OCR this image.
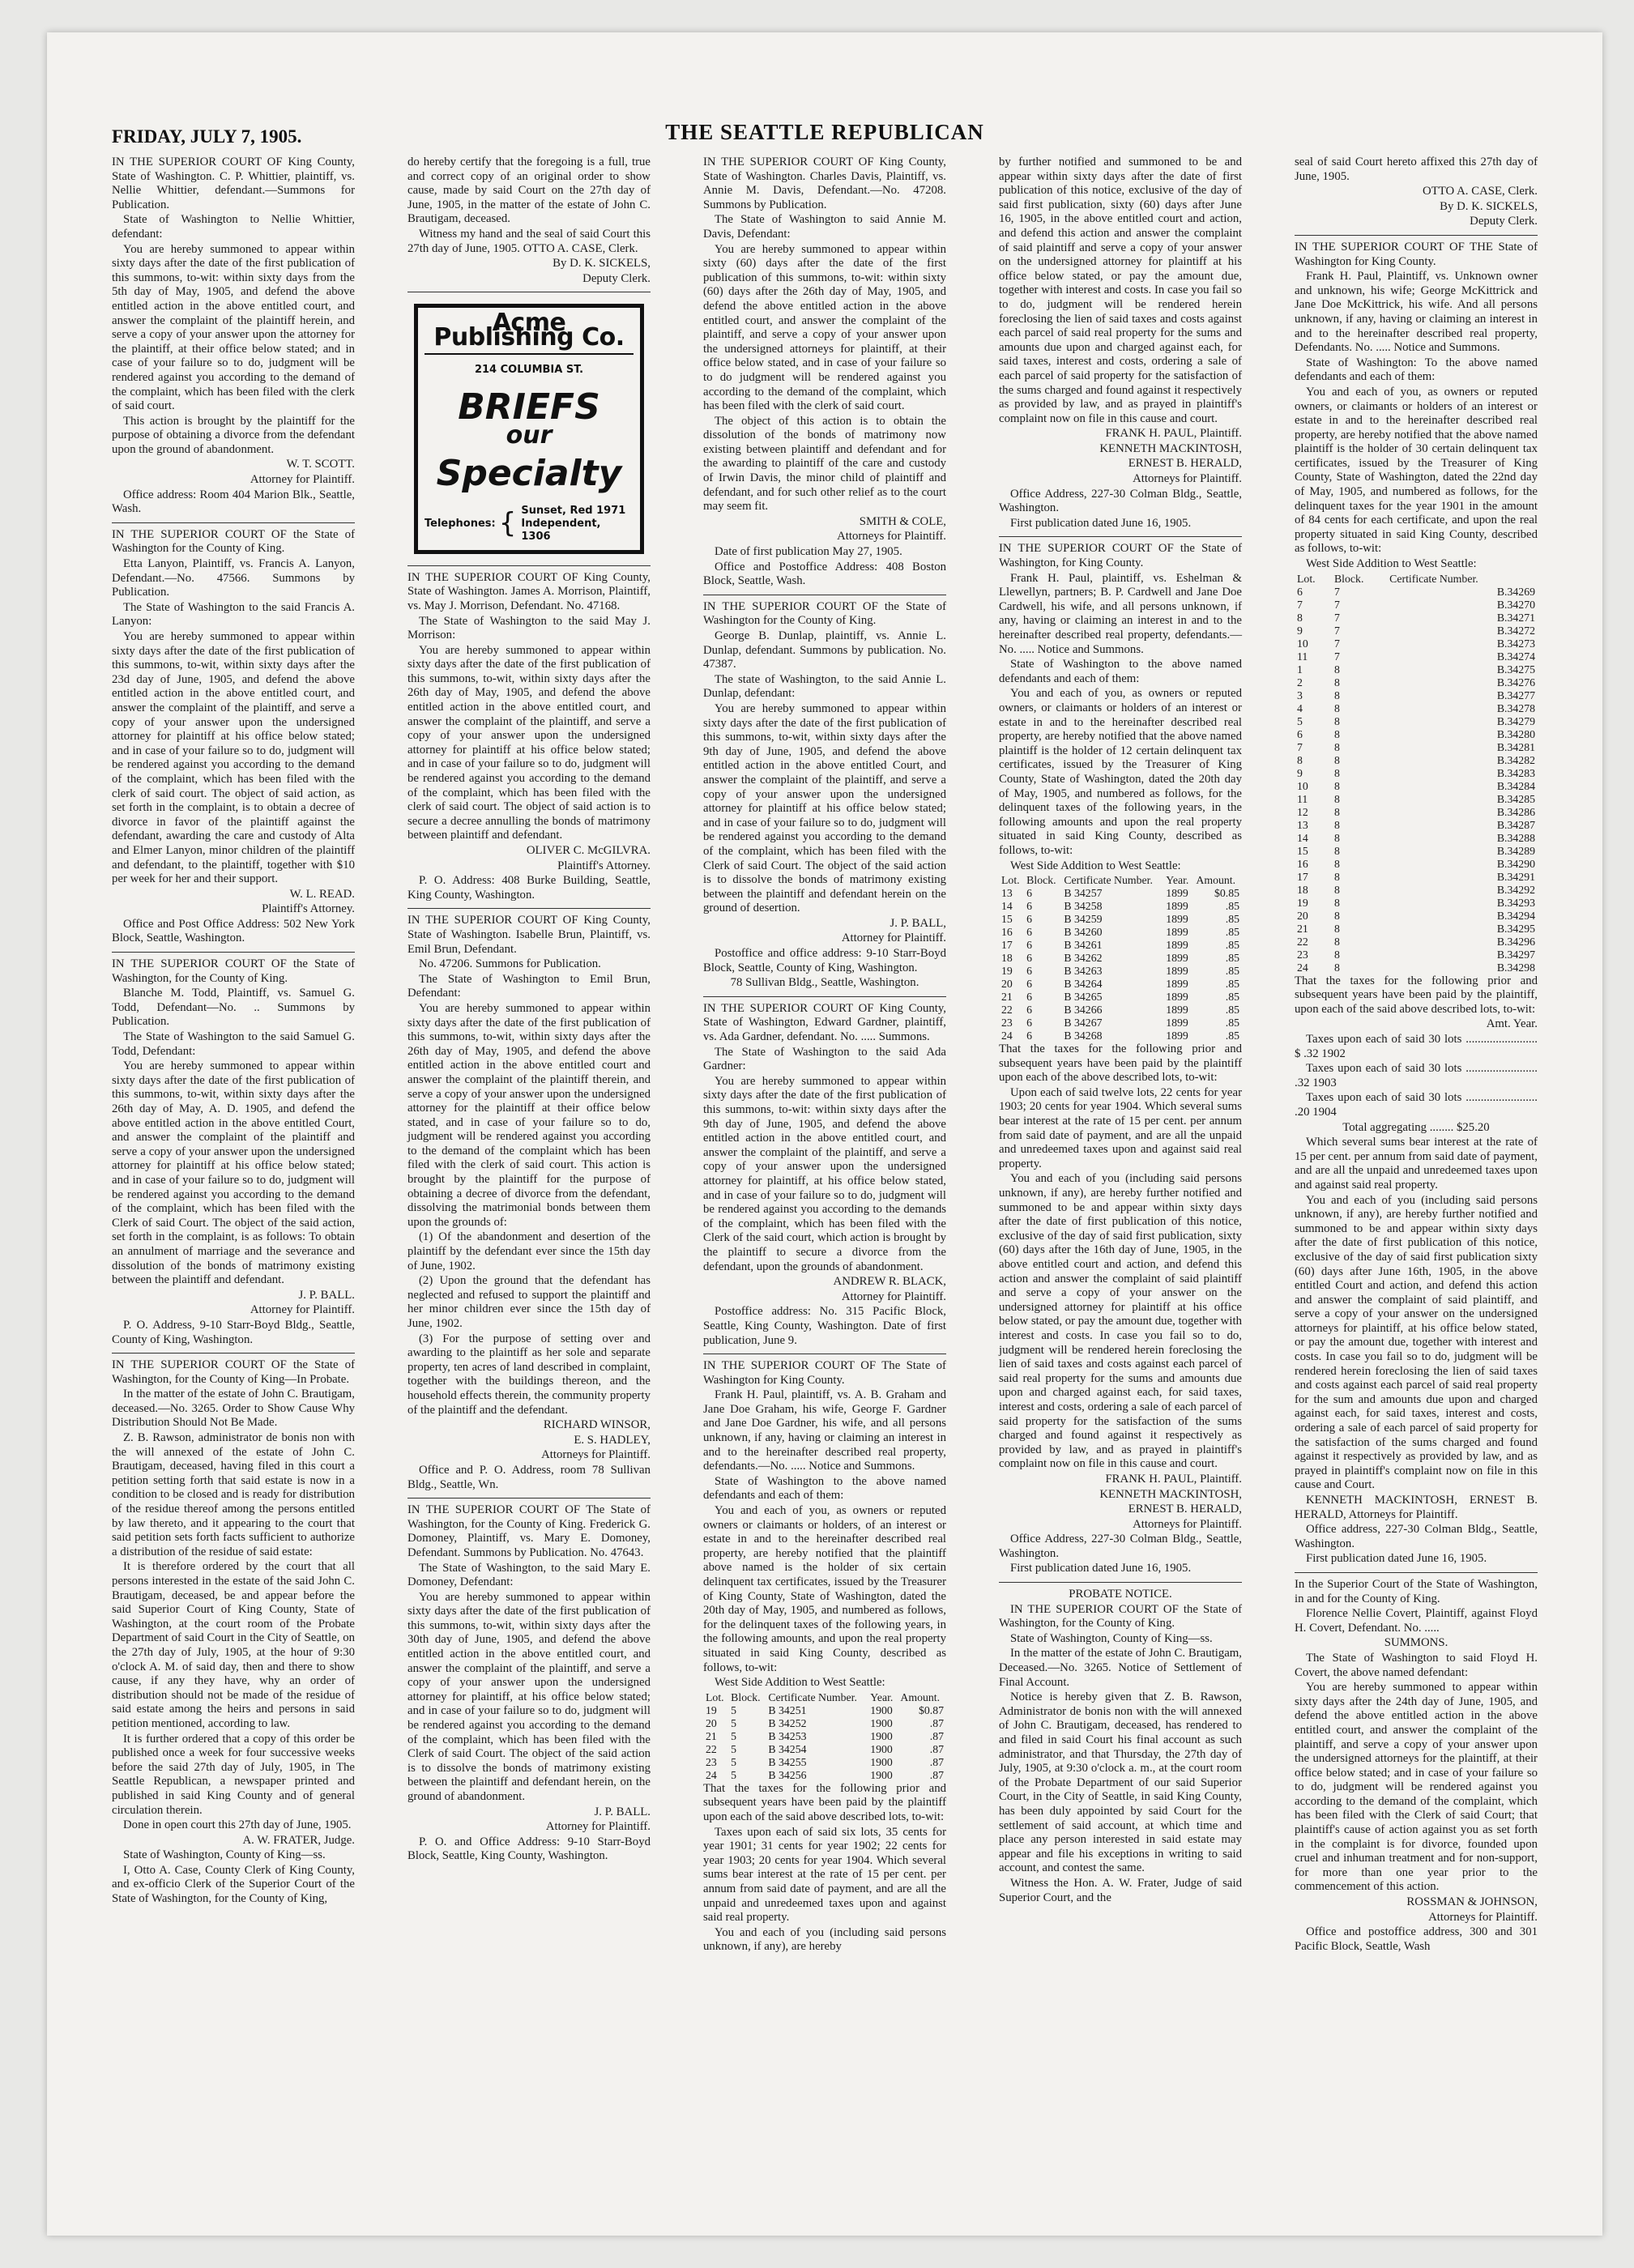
FRIDAY, JULY 7, 1905.	THE SEATTLE REPUBLICAN

IN THE SUPERIOR COURT OF King County, State of Washington. C. P. Whittier, plaintiff, vs. Nellie Whittier, defendant.—Summons for Publication.

State of Washington to Nellie Whittier, defendant:

You are hereby summoned to appear within sixty days after the date of the first publication of this summons, to-wit: within sixty days from the 5th day of May, 1905, and defend the above entitled action in the above entitled court, and answer the complaint of the plaintiff herein, and serve a copy of your answer upon the attorney for the plaintiff, at their office below stated; and in case of your failure so to do, judgment will be rendered against you according to the demand of the complaint, which has been filed with the clerk of said court.

This action is brought by the plaintiff for the purpose of obtaining a divorce from the defendant upon the ground of abandonment.

W. T. SCOTT.

Attorney for Plaintiff.

Office address: Room 404 Marion Blk., Seattle, Wash.

IN THE SUPERIOR COURT OF the State of Washington for the County of King.

Etta Lanyon, Plaintiff, vs. Francis A. Lanyon, Defendant.—No. 47566. Summons by Publication.

The State of Washington to the said Francis A. Lanyon:

You are hereby summoned to appear within sixty days after the date of the first publication of this summons, to-wit, within sixty days after the 23d day of June, 1905, and defend the above entitled action in the above entitled court, and answer the complaint of the plaintiff, and serve a copy of your answer upon the undersigned attorney for plaintiff at his office below stated; and in case of your failure so to do, judgment will be rendered against you according to the demand of the complaint, which has been filed with the clerk of said court. The object of said action, as set forth in the complaint, is to obtain a decree of divorce in favor of the plaintiff against the defendant, awarding the care and custody of Alta and Elmer Lanyon, minor children of the plaintiff and defendant, to the plaintiff, together with $10 per week for her and their support.

W. L. READ.

Plaintiff's Attorney.

Office and Post Office Address: 502 New York Block, Seattle, Washington.

IN THE SUPERIOR COURT OF the State of Washington, for the County of King.

Blanche M. Todd, Plaintiff, vs. Samuel G. Todd, Defendant—No. .. Summons by Publication.

The State of Washington to the said Samuel G. Todd, Defendant:

You are hereby summoned to appear within sixty days after the date of the first publication of this summons, to-wit, within sixty days after the 26th day of May, A. D. 1905, and defend the above entitled action in the above entitled Court, and answer the complaint of the plaintiff and serve a copy of your answer upon the undersigned attorney for plaintiff at his office below stated; and in case of your failure so to do, judgment will be rendered against you according to the demand of the complaint, which has been filed with the Clerk of said Court. The object of the said action, set forth in the complaint, is as follows: To obtain an annulment of marriage and the severance and dissolution of the bonds of matrimony existing between the plaintiff and defendant.

J. P. BALL.

Attorney for Plaintiff.

P. O. Address, 9-10 Starr-Boyd Bldg., Seattle, County of King, Washington.

IN THE SUPERIOR COURT OF the State of Washington, for the County of King—In Probate.

In the matter of the estate of John C. Brautigam, deceased.—No. 3265. Order to Show Cause Why Distribution Should Not Be Made.

Z. B. Rawson, administrator de bonis non with the will annexed of the estate of John C. Brautigam, deceased, having filed in this court a petition setting forth that said estate is now in a condition to be closed and is ready for distribution of the residue thereof among the persons entitled by law thereto, and it appearing to the court that said petition sets forth facts sufficient to authorize a distribution of the residue of said estate:

It is therefore ordered by the court that all persons interested in the estate of the said John C. Brautigam, deceased, be and appear before the said Superior Court of King County, State of Washington, at the court room of the Probate Department of said Court in the City of Seattle, on the 27th day of July, 1905, at the hour of 9:30 o'clock A. M. of said day, then and there to show cause, if any they have, why an order of distribution should not be made of the residue of said estate among the heirs and persons in said petition mentioned, according to law.

It is further ordered that a copy of this order be published once a week for four successive weeks before the said 27th day of July, 1905, in The Seattle Republican, a newspaper printed and published in said King County and of general circulation therein.

Done in open court this 27th day of June, 1905.

A. W. FRATER, Judge.

State of Washington, County of King—ss.

I, Otto A. Case, County Clerk of King County, and ex-officio Clerk of the Superior Court of the State of Washington, for the County of King,

do hereby certify that the foregoing is a full, true and correct copy of an original order to show cause, made by said Court on the 27th day of June, 1905, in the matter of the estate of John C. Brautigam, deceased.

Witness my hand and the seal of said Court this 27th day of June, 1905. OTTO A. CASE, Clerk.

By D. K. SICKELS,

Deputy Clerk.

Acme Publishing Co.
214 COLUMBIA ST.
BRIEFS
our
Specialty
Telephones: { Sunset, Red 1971
Independent, 1306

IN THE SUPERIOR COURT OF King County, State of Washington. James A. Morrison, Plaintiff, vs. May J. Morrison, Defendant. No. 47168.

The State of Washington to the said May J. Morrison:

You are hereby summoned to appear within sixty days after the date of the first publication of this summons, to-wit, within sixty days after the 26th day of May, 1905, and defend the above entitled action in the above entitled court, and answer the complaint of the plaintiff, and serve a copy of your answer upon the undersigned attorney for plaintiff at his office below stated; and in case of your failure so to do, judgment will be rendered against you according to the demand of the complaint, which has been filed with the clerk of said court. The object of said action is to secure a decree annulling the bonds of matrimony between plaintiff and defendant.

OLIVER C. McGILVRA.

Plaintiff's Attorney.

P. O. Address: 408 Burke Building, Seattle, King County, Washington.

IN THE SUPERIOR COURT OF King County, State of Washington. Isabelle Brun, Plaintiff, vs. Emil Brun, Defendant.

No. 47206. Summons for Publication.

The State of Washington to Emil Brun, Defendant:

You are hereby summoned to appear within sixty days after the date of the first publication of this summons, to-wit, within sixty days after the 26th day of May, 1905, and defend the above entitled action in the above entitled court and answer the complaint of the plaintiff therein, and serve a copy of your answer upon the undersigned attorney for the plaintiff at their office below stated, and in case of your failure so to do, judgment will be rendered against you according to the demand of the complaint which has been filed with the clerk of said court. This action is brought by the plaintiff for the purpose of obtaining a decree of divorce from the defendant, dissolving the matrimonial bonds between them upon the grounds of:

(1) Of the abandonment and desertion of the plaintiff by the defendant ever since the 15th day of June, 1902.

(2) Upon the ground that the defendant has neglected and refused to support the plaintiff and her minor children ever since the 15th day of June, 1902.

(3) For the purpose of setting over and awarding to the plaintiff as her sole and separate property, ten acres of land described in complaint, together with the buildings thereon, and the household effects therein, the community property of the plaintiff and the defendant.

RICHARD WINSOR,

E. S. HADLEY,

Attorneys for Plaintiff.

Office and P. O. Address, room 78 Sullivan Bldg., Seattle, Wn.

IN THE SUPERIOR COURT OF The State of Washington, for the County of King. Frederick G. Domoney, Plaintiff, vs. Mary E. Domoney, Defendant. Summons by Publication. No. 47643.

The State of Washington, to the said Mary E. Domoney, Defendant:

You are hereby summoned to appear within sixty days after the date of the first publication of this summons, to-wit, within sixty days after the 30th day of June, 1905, and defend the above entitled action in the above entitled court, and answer the complaint of the plaintiff, and serve a copy of your answer upon the undersigned attorney for plaintiff, at his office below stated; and in case of your failure so to do, judgment will be rendered against you according to the demand of the complaint, which has been filed with the Clerk of said Court. The object of the said action is to dissolve the bonds of matrimony existing between the plaintiff and defendant herein, on the ground of abandonment.

J. P. BALL.

Attorney for Plaintiff.

P. O. and Office Address: 9-10 Starr-Boyd Block, Seattle, King County, Washington.

IN THE SUPERIOR COURT OF King County, State of Washington. Charles Davis, Plaintiff, vs. Annie M. Davis, Defendant.—No. 47208. Summons by Publication.

The State of Washington to said Annie M. Davis, Defendant:

You are hereby summoned to appear within sixty (60) days after the date of the first publication of this summons, to-wit: within sixty (60) days after the 26th day of May, 1905, and defend the above entitled action in the above entitled court, and answer the complaint of the plaintiff, and serve a copy of your answer upon the undersigned attorneys for plaintiff, at their office below stated, and in case of your failure so to do judgment will be rendered against you according to the demand of the complaint, which has been filed with the clerk of said court.

The object of this action is to obtain the dissolution of the bonds of matrimony now existing between plaintiff and defendant and for the awarding to plaintiff of the care and custody of Irwin Davis, the minor child of plaintiff and defendant, and for such other relief as to the court may seem fit.

SMITH & COLE,

Attorneys for Plaintiff.

Date of first publication May 27, 1905.

Office and Postoffice Address: 408 Boston Block, Seattle, Wash.

IN THE SUPERIOR COURT OF the State of Washington for the County of King.

George B. Dunlap, plaintiff, vs. Annie L. Dunlap, defendant. Summons by publication. No. 47387.

The state of Washington, to the said Annie L. Dunlap, defendant:

You are hereby summoned to appear within sixty days after the date of the first publication of this summons, to-wit, within sixty days after the 9th day of June, 1905, and defend the above entitled action in the above entitled Court, and answer the complaint of the plaintiff, and serve a copy of your answer upon the undersigned attorney for plaintiff at his office below stated; and in case of your failure so to do, judgment will be rendered against you according to the demand of the complaint, which has been filed with the Clerk of said Court. The object of the said action is to dissolve the bonds of matrimony existing between the plaintiff and defendant herein on the ground of desertion.

J. P. BALL,

Attorney for Plaintiff.

Postoffice and office address: 9-10 Starr-Boyd Block, Seattle, County of King, Washington.

78 Sullivan Bldg., Seattle, Washington.

IN THE SUPERIOR COURT OF King County, State of Washington, Edward Gardner, plaintiff, vs. Ada Gardner, defendant. No. ..... Summons.

The State of Washington to the said Ada Gardner:

You are hereby summoned to appear within sixty days after the date of the first publication of this summons, to-wit: within sixty days after the 9th day of June, 1905, and defend the above entitled action in the above entitled court, and answer the complaint of the plaintiff, and serve a copy of your answer upon the undersigned attorney for plaintiff, at his office below stated, and in case of your failure so to do, judgment will be rendered against you according to the demands of the complaint, which has been filed with the Clerk of the said court, which action is brought by the plaintiff to secure a divorce from the defendant, upon the grounds of abandonment.

ANDREW R. BLACK,

Attorney for Plaintiff.

Postoffice address: No. 315 Pacific Block, Seattle, King County, Washington. Date of first publication, June 9.

IN THE SUPERIOR COURT OF The State of Washington for King County.

Frank H. Paul, plaintiff, vs. A. B. Graham and Jane Doe Graham, his wife, George F. Gardner and Jane Doe Gardner, his wife, and all persons unknown, if any, having or claiming an interest in and to the hereinafter described real property, defendants.—No. ..... Notice and Summons.

State of Washington to the above named defendants and each of them:

You and each of you, as owners or reputed owners or claimants or holders, of an interest or estate in and to the hereinafter described real property, are hereby notified that the plaintiff above named is the holder of six certain delinquent tax certificates, issued by the Treasurer of King County, State of Washington, dated the 20th day of May, 1905, and numbered as follows, for the delinquent taxes of the following years, in the following amounts, and upon the real property situated in said King County, described as follows, to-wit:

West Side Addition to West Seattle:

Lot.	Block.	Certificate Number.	Year.	Amount.
19	5	B 34251	1900	$0.87
20	5	B 34252	1900	.87
21	5	B 34253	1900	.87
22	5	B 34254	1900	.87
23	5	B 34255	1900	.87
24	5	B 34256	1900	.87

That the taxes for the following prior and subsequent years have been paid by the plaintiff upon each of the said above described lots, to-wit:

Taxes upon each of said six lots, 35 cents for year 1901; 31 cents for year 1902; 22 cents for year 1903; 20 cents for year 1904. Which several sums bear interest at the rate of 15 per cent. per annum from said date of payment, and are all the unpaid and unredeemed taxes upon and against said real property.

You and each of you (including said persons unknown, if any), are hereby

by further notified and summoned to be and appear within sixty days after the date of first publication of this notice, exclusive of the day of said first publication, sixty (60) days after June 16, 1905, in the above entitled court and action, and defend this action and answer the complaint of said plaintiff and serve a copy of your answer on the undersigned attorney for plaintiff at his office below stated, or pay the amount due, together with interest and costs. In case you fail so to do, judgment will be rendered herein foreclosing the lien of said taxes and costs against each parcel of said real property for the sums and amounts due upon and charged against each, for said taxes, interest and costs, ordering a sale of each parcel of said property for the satisfaction of the sums charged and found against it respectively as provided by law, and as prayed in plaintiff's complaint now on file in this cause and court.

FRANK H. PAUL, Plaintiff.

KENNETH MACKINTOSH,

ERNEST B. HERALD,

Attorneys for Plaintiff.

Office Address, 227-30 Colman Bldg., Seattle, Washington.

First publication dated June 16, 1905.

IN THE SUPERIOR COURT OF the State of Washington, for King County.

Frank H. Paul, plaintiff, vs. Eshelman & Llewellyn, partners; B. P. Cardwell and Jane Doe Cardwell, his wife, and all persons unknown, if any, having or claiming an interest in and to the hereinafter described real property, defendants.—No. ..... Notice and Summons.

State of Washington to the above named defendants and each of them:

You and each of you, as owners or reputed owners, or claimants or holders of an interest or estate in and to the hereinafter described real property, are hereby notified that the above named plaintiff is the holder of 12 certain delinquent tax certificates, issued by the Treasurer of King County, State of Washington, dated the 20th day of May, 1905, and numbered as follows, for the delinquent taxes of the following years, in the following amounts and upon the real property situated in said King County, described as follows, to-wit:

West Side Addition to West Seattle:

Lot.	Block.	Certificate Number.	Year.	Amount.
13	6	B 34257	1899	$0.85
14	6	B 34258	1899	.85
15	6	B 34259	1899	.85
16	6	B 34260	1899	.85
17	6	B 34261	1899	.85
18	6	B 34262	1899	.85
19	6	B 34263	1899	.85
20	6	B 34264	1899	.85
21	6	B 34265	1899	.85
22	6	B 34266	1899	.85
23	6	B 34267	1899	.85
24	6	B 34268	1899	.85

That the taxes for the following prior and subsequent years have been paid by the plaintiff upon each of the above described lots, to-wit:

Upon each of said twelve lots, 22 cents for year 1903; 20 cents for year 1904. Which several sums bear interest at the rate of 15 per cent. per annum from said date of payment, and are all the unpaid and unredeemed taxes upon and against said real property.

You and each of you (including said persons unknown, if any), are hereby further notified and summoned to be and appear within sixty days after the date of first publication of this notice, exclusive of the day of said first publication, sixty (60) days after the 16th day of June, 1905, in the above entitled court and action, and defend this action and answer the complaint of said plaintiff and serve a copy of your answer on the undersigned attorney for plaintiff at his office below stated, or pay the amount due, together with interest and costs. In case you fail so to do, judgment will be rendered herein foreclosing the lien of said taxes and costs against each parcel of said real property for the sums and amounts due upon and charged against each, for said taxes, interest and costs, ordering a sale of each parcel of said property for the satisfaction of the sums charged and found against it respectively as provided by law, and as prayed in plaintiff's complaint now on file in this cause and court.

FRANK H. PAUL, Plaintiff.

KENNETH MACKINTOSH,

ERNEST B. HERALD,

Attorneys for Plaintiff.

Office Address, 227-30 Colman Bldg., Seattle, Washington.

First publication dated June 16, 1905.

PROBATE NOTICE.

IN THE SUPERIOR COURT OF the State of Washington, for the County of King.

State of Washington, County of King—ss.

In the matter of the estate of John C. Brautigam, Deceased.—No. 3265. Notice of Settlement of Final Account.

Notice is hereby given that Z. B. Rawson, Administrator de bonis non with the will annexed of John C. Brautigam, deceased, has rendered to and filed in said Court his final account as such administrator, and that Thursday, the 27th day of July, 1905, at 9:30 o'clock a. m., at the court room of the Probate Department of our said Superior Court, in the City of Seattle, in said King County, has been duly appointed by said Court for the settlement of said account, at which time and place any person interested in said estate may appear and file his exceptions in writing to said account, and contest the same.

Witness the Hon. A. W. Frater, Judge of said Superior Court, and the

seal of said Court hereto affixed this 27th day of June, 1905.

OTTO A. CASE, Clerk.

By D. K. SICKELS,

Deputy Clerk.

IN THE SUPERIOR COURT OF THE State of Washington for King County.

Frank H. Paul, Plaintiff, vs. Unknown owner and unknown, his wife; George McKittrick and Jane Doe McKittrick, his wife. And all persons unknown, if any, having or claiming an interest in and to the hereinafter described real property, Defendants. No. ..... Notice and Summons.

State of Washington: To the above named defendants and each of them:

You and each of you, as owners or reputed owners, or claimants or holders of an interest or estate in and to the hereinafter described real property, are hereby notified that the above named plaintiff is the holder of 30 certain delinquent tax certificates, issued by the Treasurer of King County, State of Washington, dated the 22nd day of May, 1905, and numbered as follows, for the delinquent taxes for the year 1901 in the amount of 84 cents for each certificate, and upon the real property situated in said King County, described as follows, to-wit:

West Side Addition to West Seattle:

Lot.	Block.	Certificate Number.
6	7	B.34269
7	7	B.34270
8	7	B.34271
9	7	B.34272
10	7	B.34273
11	7	B.34274
1	8	B.34275
2	8	B.34276
3	8	B.34277
4	8	B.34278
5	8	B.34279
6	8	B.34280
7	8	B.34281
8	8	B.34282
9	8	B.34283
10	8	B.34284
11	8	B.34285
12	8	B.34286
13	8	B.34287
14	8	B.34288
15	8	B.34289
16	8	B.34290
17	8	B.34291
18	8	B.34292
19	8	B.34293
20	8	B.34294
21	8	B.34295
22	8	B.34296
23	8	B.34297
24	8	B.34298

That the taxes for the following prior and subsequent years have been paid by the plaintiff, upon each of the said above described lots, to-wit:

Amt. Year.

Taxes upon each of said 30 lots ........................ $ .32 1902

Taxes upon each of said 30 lots ........................ .32 1903

Taxes upon each of said 30 lots ........................ .20 1904

Total aggregating ........ $25.20

Which several sums bear interest at the rate of 15 per cent. per annum from said date of payment, and are all the unpaid and unredeemed taxes upon and against said real property.

You and each of you (including said persons unknown, if any), are hereby further notified and summoned to be and appear within sixty days after the date of first publication of this notice, exclusive of the day of said first publication sixty (60) days after June 16th, 1905, in the above entitled Court and action, and defend this action and answer the complaint of said plaintiff, and serve a copy of your answer on the undersigned attorneys for plaintiff, at his office below stated, or pay the amount due, together with interest and costs. In case you fail so to do, judgment will be rendered herein foreclosing the lien of said taxes and costs against each parcel of said real property for the sum and amounts due upon and charged against each, for said taxes, interest and costs, ordering a sale of each parcel of said property for the satisfaction of the sums charged and found against it respectively as provided by law, and as prayed in plaintiff's complaint now on file in this cause and Court.

KENNETH MACKINTOSH, ERNEST B. HERALD, Attorneys for Plaintiff.

Office address, 227-30 Colman Bldg., Seattle, Washington.

First publication dated June 16, 1905.

In the Superior Court of the State of Washington, in and for the County of King.

Florence Nellie Covert, Plaintiff, against Floyd H. Covert, Defendant. No. .....

SUMMONS.

The State of Washington to said Floyd H. Covert, the above named defendant:

You are hereby summoned to appear within sixty days after the 24th day of June, 1905, and defend the above entitled action in the above entitled court, and answer the complaint of the plaintiff, and serve a copy of your answer upon the undersigned attorneys for the plaintiff, at their office below stated; and in case of your failure so to do, judgment will be rendered against you according to the demand of the complaint, which has been filed with the Clerk of said Court; that plaintiff's cause of action against you as set forth in the complaint is for divorce, founded upon cruel and inhuman treatment and for non-support, for more than one year prior to the commencement of this action.

ROSSMAN & JOHNSON,

Attorneys for Plaintiff.

Office and postoffice address, 300 and 301 Pacific Block, Seattle, Wash
